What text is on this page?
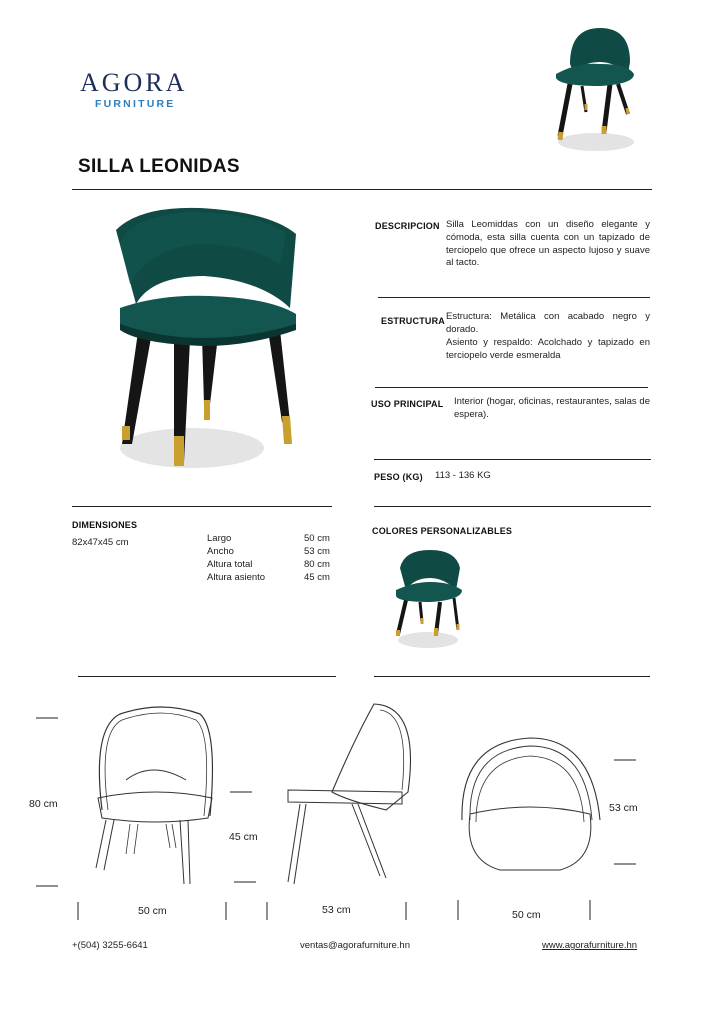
AGORA
FURNITURE
SILLA LEONIDAS
DESCRIPCION Silla Leomiddas con un diseño elegante y cómoda, esta silla cuenta con un tapizado de terciopelo que ofrece un aspecto lujoso y suave al tacto.
ESTRUCTURA Estructura: Metálica con acabado negro y dorado.
Asiento y respaldo: Acolchado y tapizado en terciopelo verde esmeralda
USO PRINCIPAL Interior (hogar, oficinas, restaurantes, salas de espera).
PESO (KG) 113 - 136 KG
DIMENSIONES
82x47x45 cm	Largo	50 cm
Ancho	53 cm
Altura total	80 cm
Altura asiento	45 cm
COLORES PERSONALIZABLES
80 cm
50 cm
45 cm
53 cm
53 cm
50 cm
+(504) 3255-6641	ventas@agorafurniture.hn	www.agorafurniture.hn
